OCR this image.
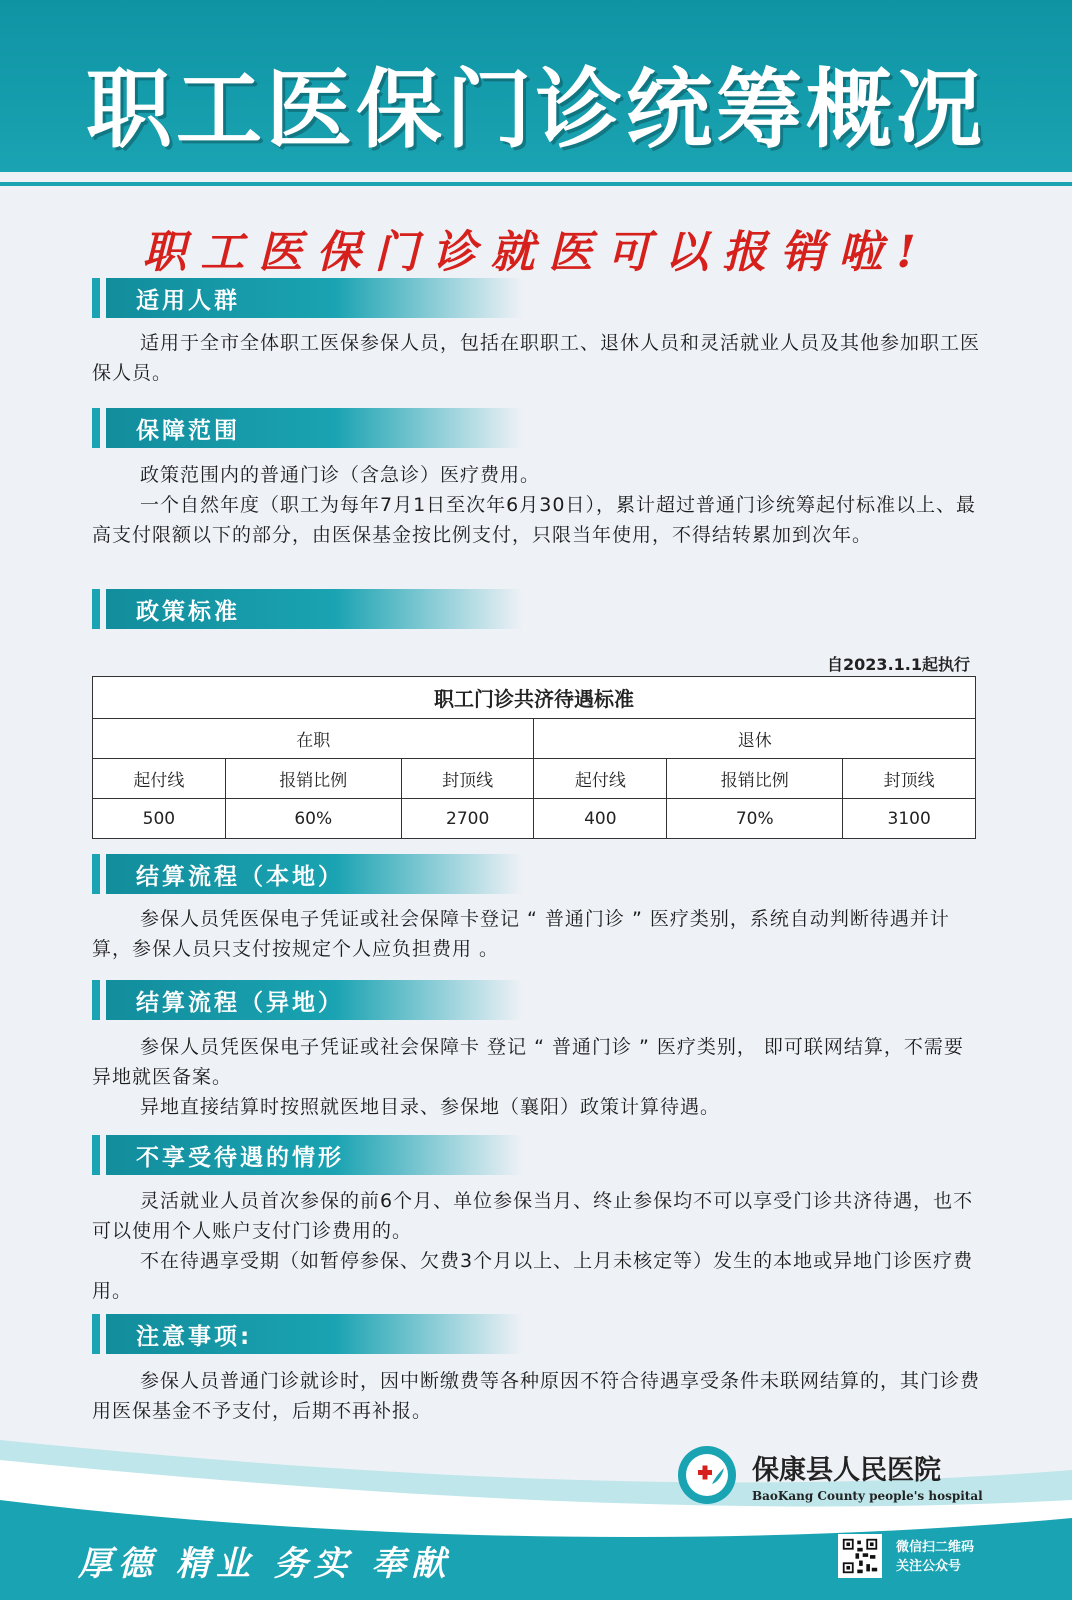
职工医保门诊统筹概况
职工医保门诊就医可以报销啦!
适用人群

适用于全市全体职工医保参保人员，包括在职职工、退休人员和灵活就业人员及其他参加职工医保人员。

保障范围

政策范围内的普通门诊（含急诊）医疗费用。

一个自然年度（职工为每年7月1日至次年6月30日），累计超过普通门诊统筹起付标准以上、最高支付限额以下的部分，由医保基金按比例支付，只限当年使用，不得结转累加到次年。

政策标准
自2023.1.1起执行
职工门诊共济待遇标准					
在职			退休		
起付线	报销比例	封顶线	起付线	报销比例	封顶线
500	60%	2700	400	70%	3100
结算流程（本地）

参保人员凭医保电子凭证或社会保障卡登记 “ 普通门诊 ” 医疗类别，系统自动判断待遇并计算，参保人员只支付按规定个人应负担费用 。

结算流程（异地）

参保人员凭医保电子凭证或社会保障卡 登记 “ 普通门诊 ” 医疗类别， 即可联网结算，不需要异地就医备案。

异地直接结算时按照就医地目录、参保地（襄阳）政策计算待遇。

不享受待遇的情形

灵活就业人员首次参保的前6个月、单位参保当月、终止参保均不可以享受门诊共济待遇，也不可以使用个人账户支付门诊费用的。

不在待遇享受期（如暂停参保、欠费3个月以上、上月未核定等）发生的本地或异地门诊医疗费用。

注意事项:

参保人员普通门诊就诊时，因中断缴费等各种原因不符合待遇享受条件未联网结算的，其门诊费用医保基金不予支付，后期不再补报。

保康县人民医院
BaoKang County people's hospital
厚德 精业 务实 奉献	微信扫二维码
关注公众号
